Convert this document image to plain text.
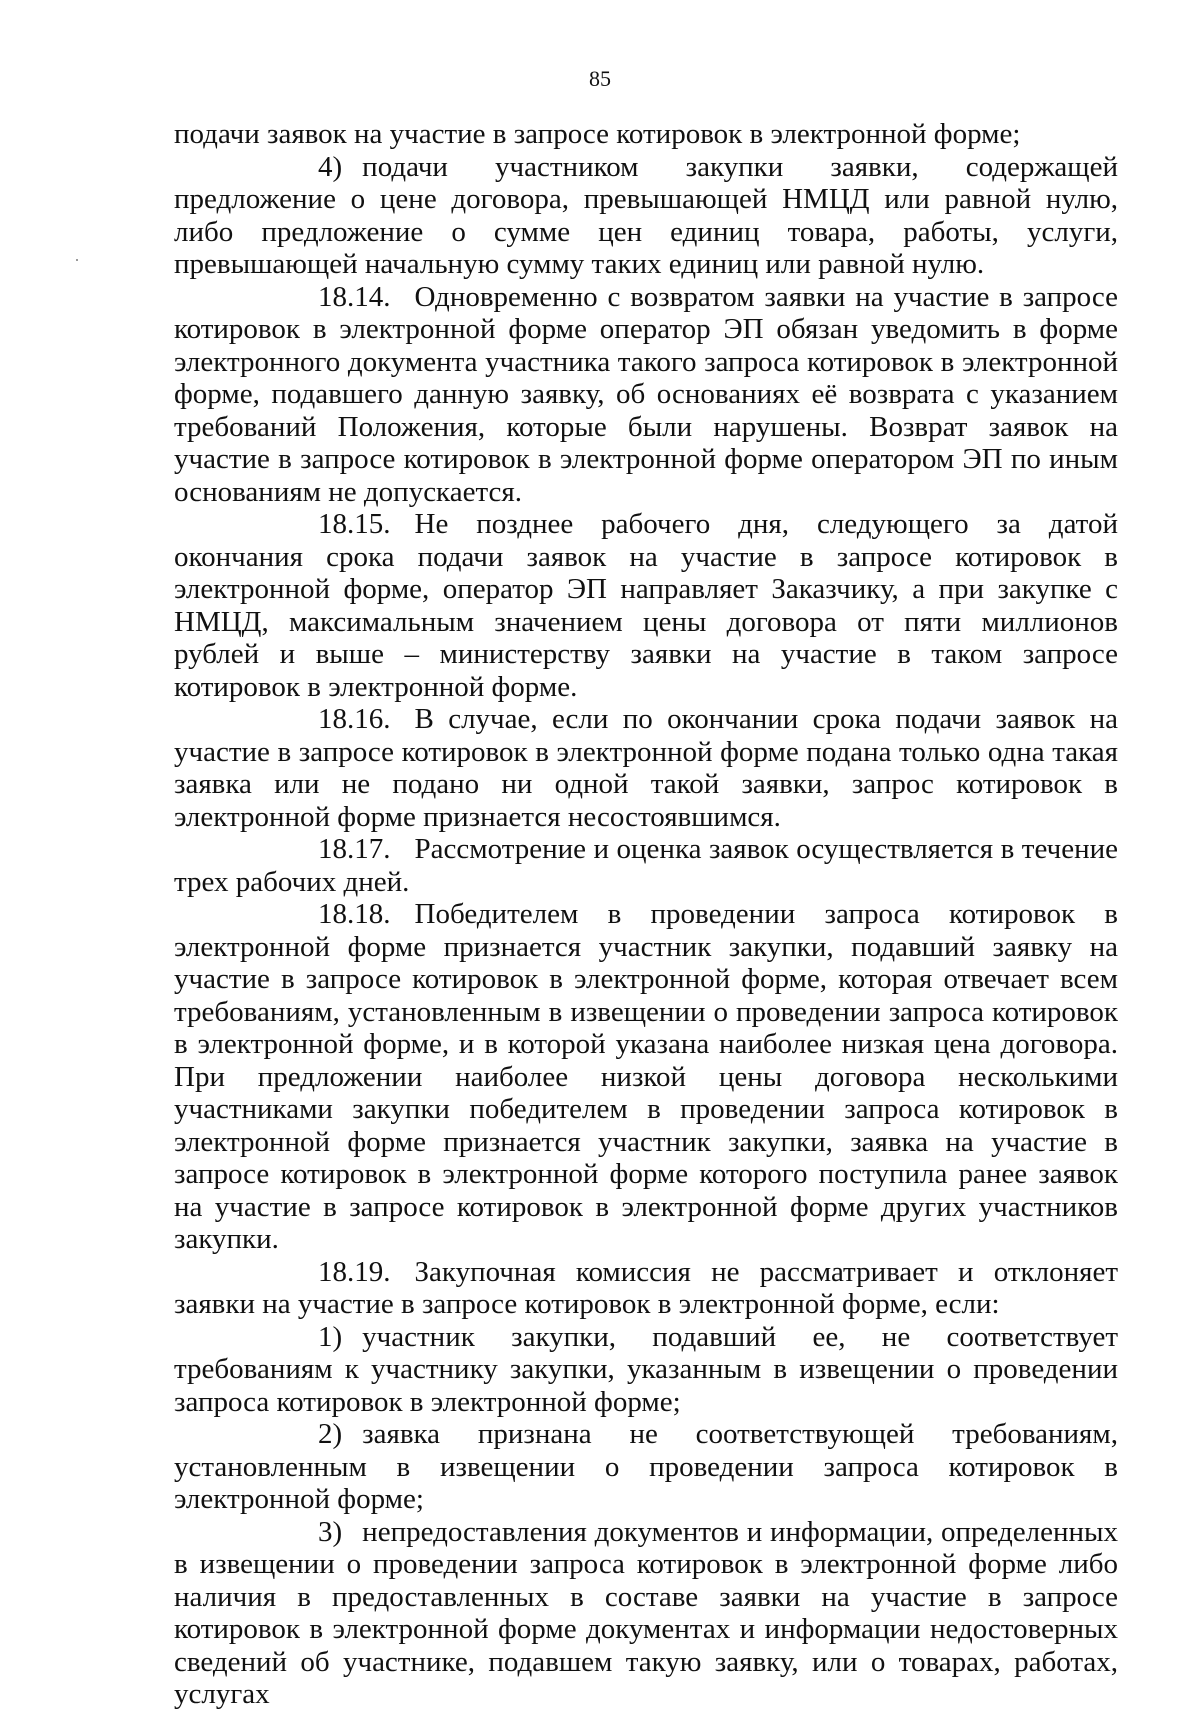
85

подачи заявок на участие в запросе котировок в электронной форме;

4) подачи участником закупки заявки, содержащей предложение о цене договора, превышающей НМЦД или равной нулю, либо предложение о сумме цен единиц товара, работы, услуги, превышающей начальную сумму таких единиц или равной нулю.

18.14. Одновременно с возвратом заявки на участие в запросе котировок в электронной форме оператор ЭП обязан уведомить в форме электронного документа участника такого запроса котировок в электронной форме, подавшего данную заявку, об основаниях её возврата с указанием требований Положения, которые были нарушены. Возврат заявок на участие в запросе котировок в электронной форме оператором ЭП по иным основаниям не допускается.

18.15. Не позднее рабочего дня, следующего за датой окончания срока подачи заявок на участие в запросе котировок в электронной форме, оператор ЭП направляет Заказчику, а при закупке с НМЦД, максимальным значением цены договора от пяти миллионов рублей и выше – министерству заявки на участие в таком запросе котировок в электронной форме.

18.16. В случае, если по окончании срока подачи заявок на участие в запросе котировок в электронной форме подана только одна такая заявка или не подано ни одной такой заявки, запрос котировок в электронной форме признается несостоявшимся.

18.17. Рассмотрение и оценка заявок осуществляется в течение трех рабочих дней.

18.18. Победителем в проведении запроса котировок в электронной форме признается участник закупки, подавший заявку на участие в запросе котировок в электронной форме, которая отвечает всем требованиям, установленным в извещении о проведении запроса котировок в электронной форме, и в которой указана наиболее низкая цена договора. При предложении наиболее низкой цены договора несколькими участниками закупки победителем в проведении запроса котировок в электронной форме признается участник закупки, заявка на участие в запросе котировок в электронной форме которого поступила ранее заявок на участие в запросе котировок в электронной форме других участников закупки.

18.19. Закупочная комиссия не рассматривает и отклоняет заявки на участие в запросе котировок в электронной форме, если:

1) участник закупки, подавший ее, не соответствует требованиям к участнику закупки, указанным в извещении о проведении запроса котировок в электронной форме;

2) заявка признана не соответствующей требованиям, установленным в извещении о проведении запроса котировок в электронной форме;

3) непредоставления документов и информации, определенных в извещении о проведении запроса котировок в электронной форме либо наличия в предоставленных в составе заявки на участие в запросе котировок в электронной форме документах и информации недостоверных сведений об участнике, подавшем такую заявку, или о товарах, работах, услугах
